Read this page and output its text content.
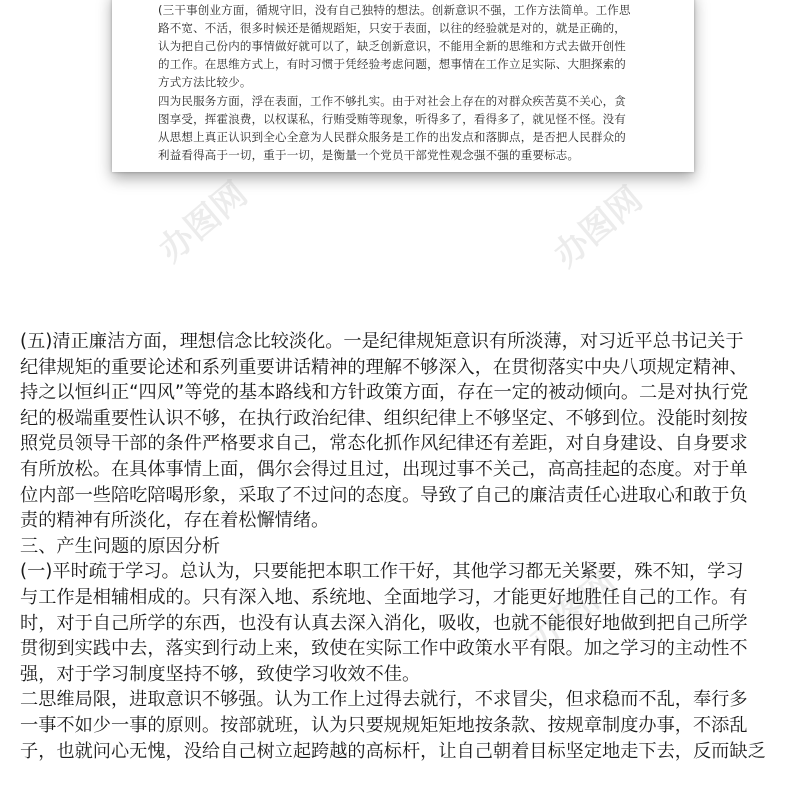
(三干事创业方面，循规守旧，没有自己独特的想法。创新意识不强，工作方法简单。工作思

路不宽、不活，很多时候还是循规蹈矩，只安于表面，以往的经验就是对的，就是正确的，

认为把自己份内的事情做好就可以了，缺乏创新意识，不能用全新的思维和方式去做开创性

的工作。在思维方式上，有时习惯于凭经验考虑问题，想事情在工作立足实际、大胆探索的

方式方法比较少。

四为民服务方面，浮在表面，工作不够扎实。由于对社会上存在的对群众疾苦莫不关心，贪

图享受，挥霍浪费，以权谋私，行贿受贿等现象，听得多了，看得多了，就见怪不怪。没有

从思想上真正认识到全心全意为人民群众服务是工作的出发点和落脚点，是否把人民群众的

利益看得高于一切，重于一切，是衡量一个党员干部党性观念强不强的重要标志。

办图网	办图网
办图网

(五)清正廉洁方面，理想信念比较淡化。一是纪律规矩意识有所淡薄，对习近平总书记关于

纪律规矩的重要论述和系列重要讲话精神的理解不够深入，在贯彻落实中央八项规定精神、

持之以恒纠正“四风”等党的基本路线和方针政策方面，存在一定的被动倾向。二是对执行党

纪的极端重要性认识不够，在执行政治纪律、组织纪律上不够坚定、不够到位。没能时刻按

照党员领导干部的条件严格要求自己，常态化抓作风纪律还有差距，对自身建设、自身要求

有所放松。在具体事情上面，偶尔会得过且过，出现过事不关己，高高挂起的态度。对于单

位内部一些陪吃陪喝形象，采取了不过问的态度。导致了自己的廉洁责任心进取心和敢于负

责的精神有所淡化，存在着松懈情绪。

三、产生问题的原因分析

(一)平时疏于学习。总认为，只要能把本职工作干好，其他学习都无关紧要，殊不知，学习

与工作是相辅相成的。只有深入地、系统地、全面地学习，才能更好地胜任自己的工作。有

时，对于自己所学的东西，也没有认真去深入消化，吸收，也就不能很好地做到把自己所学

贯彻到实践中去，落实到行动上来，致使在实际工作中政策水平有限。加之学习的主动性不

强，对于学习制度坚持不够，致使学习收效不佳。

二思维局限，进取意识不够强。认为工作上过得去就行，不求冒尖，但求稳而不乱，奉行多

一事不如少一事的原则。按部就班，认为只要规规矩矩地按条款、按规章制度办事，不添乱

子，也就问心无愧，没给自己树立起跨越的高标杆，让自己朝着目标坚定地走下去，反而缺乏
